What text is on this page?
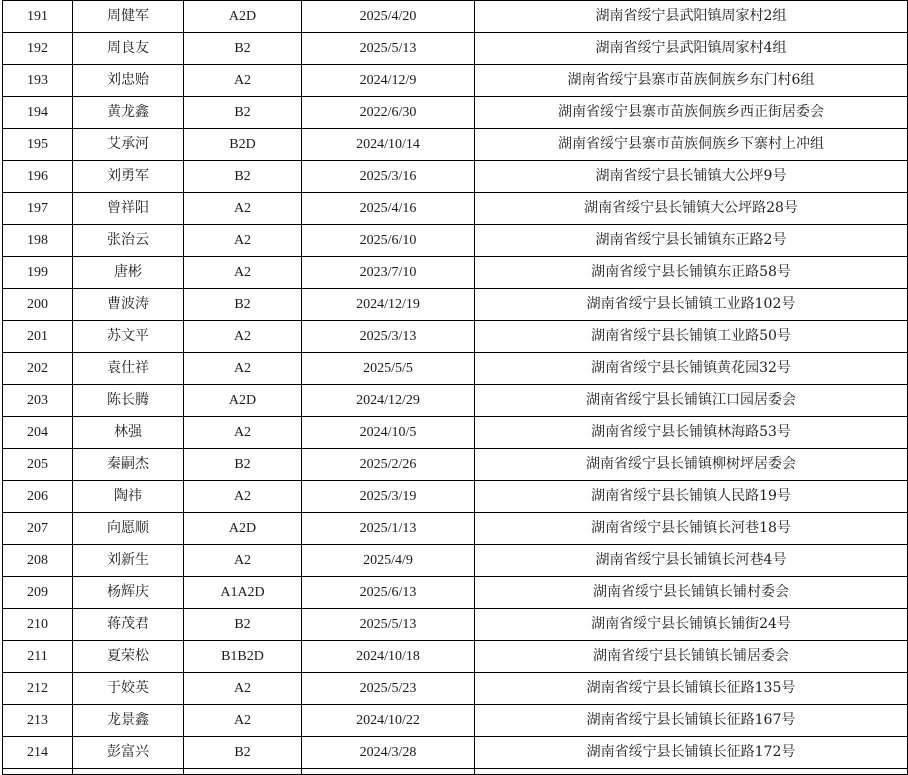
191	周健军	A2D	2025/4/20	湖南省绥宁县武阳镇周家村2组
192	周良友	B2	2025/5/13	湖南省绥宁县武阳镇周家村4组
193	刘忠贻	A2	2024/12/9	湖南省绥宁县寨市苗族侗族乡东门村6组
194	黄龙鑫	B2	2022/6/30	湖南省绥宁县寨市苗族侗族乡西正街居委会
195	艾承河	B2D	2024/10/14	湖南省绥宁县寨市苗族侗族乡下寨村上冲组
196	刘勇军	B2	2025/3/16	湖南省绥宁县长铺镇大公坪9号
197	曾祥阳	A2	2025/4/16	湖南省绥宁县长铺镇大公坪路28号
198	张治云	A2	2025/6/10	湖南省绥宁县长铺镇东正路2号
199	唐彬	A2	2023/7/10	湖南省绥宁县长铺镇东正路58号
200	曹波涛	B2	2024/12/19	湖南省绥宁县长铺镇工业路102号
201	苏文平	A2	2025/3/13	湖南省绥宁县长铺镇工业路50号
202	袁仕祥	A2	2025/5/5	湖南省绥宁县长铺镇黄花园32号
203	陈长腾	A2D	2024/12/29	湖南省绥宁县长铺镇江口园居委会
204	林强	A2	2024/10/5	湖南省绥宁县长铺镇林海路53号
205	秦嗣杰	B2	2025/2/26	湖南省绥宁县长铺镇柳树坪居委会
206	陶祎	A2	2025/3/19	湖南省绥宁县长铺镇人民路19号
207	向愿顺	A2D	2025/1/13	湖南省绥宁县长铺镇长河巷18号
208	刘新生	A2	2025/4/9	湖南省绥宁县长铺镇长河巷4号
209	杨辉庆	A1A2D	2025/6/13	湖南省绥宁县长铺镇长铺村委会
210	蒋茂君	B2	2025/5/13	湖南省绥宁县长铺镇长铺街24号
211	夏荣松	B1B2D	2024/10/18	湖南省绥宁县长铺镇长铺居委会
212	于姣英	A2	2025/5/23	湖南省绥宁县长铺镇长征路135号
213	龙景鑫	A2	2024/10/22	湖南省绥宁县长铺镇长征路167号
214	彭富兴	B2	2024/3/28	湖南省绥宁县长铺镇长征路172号
